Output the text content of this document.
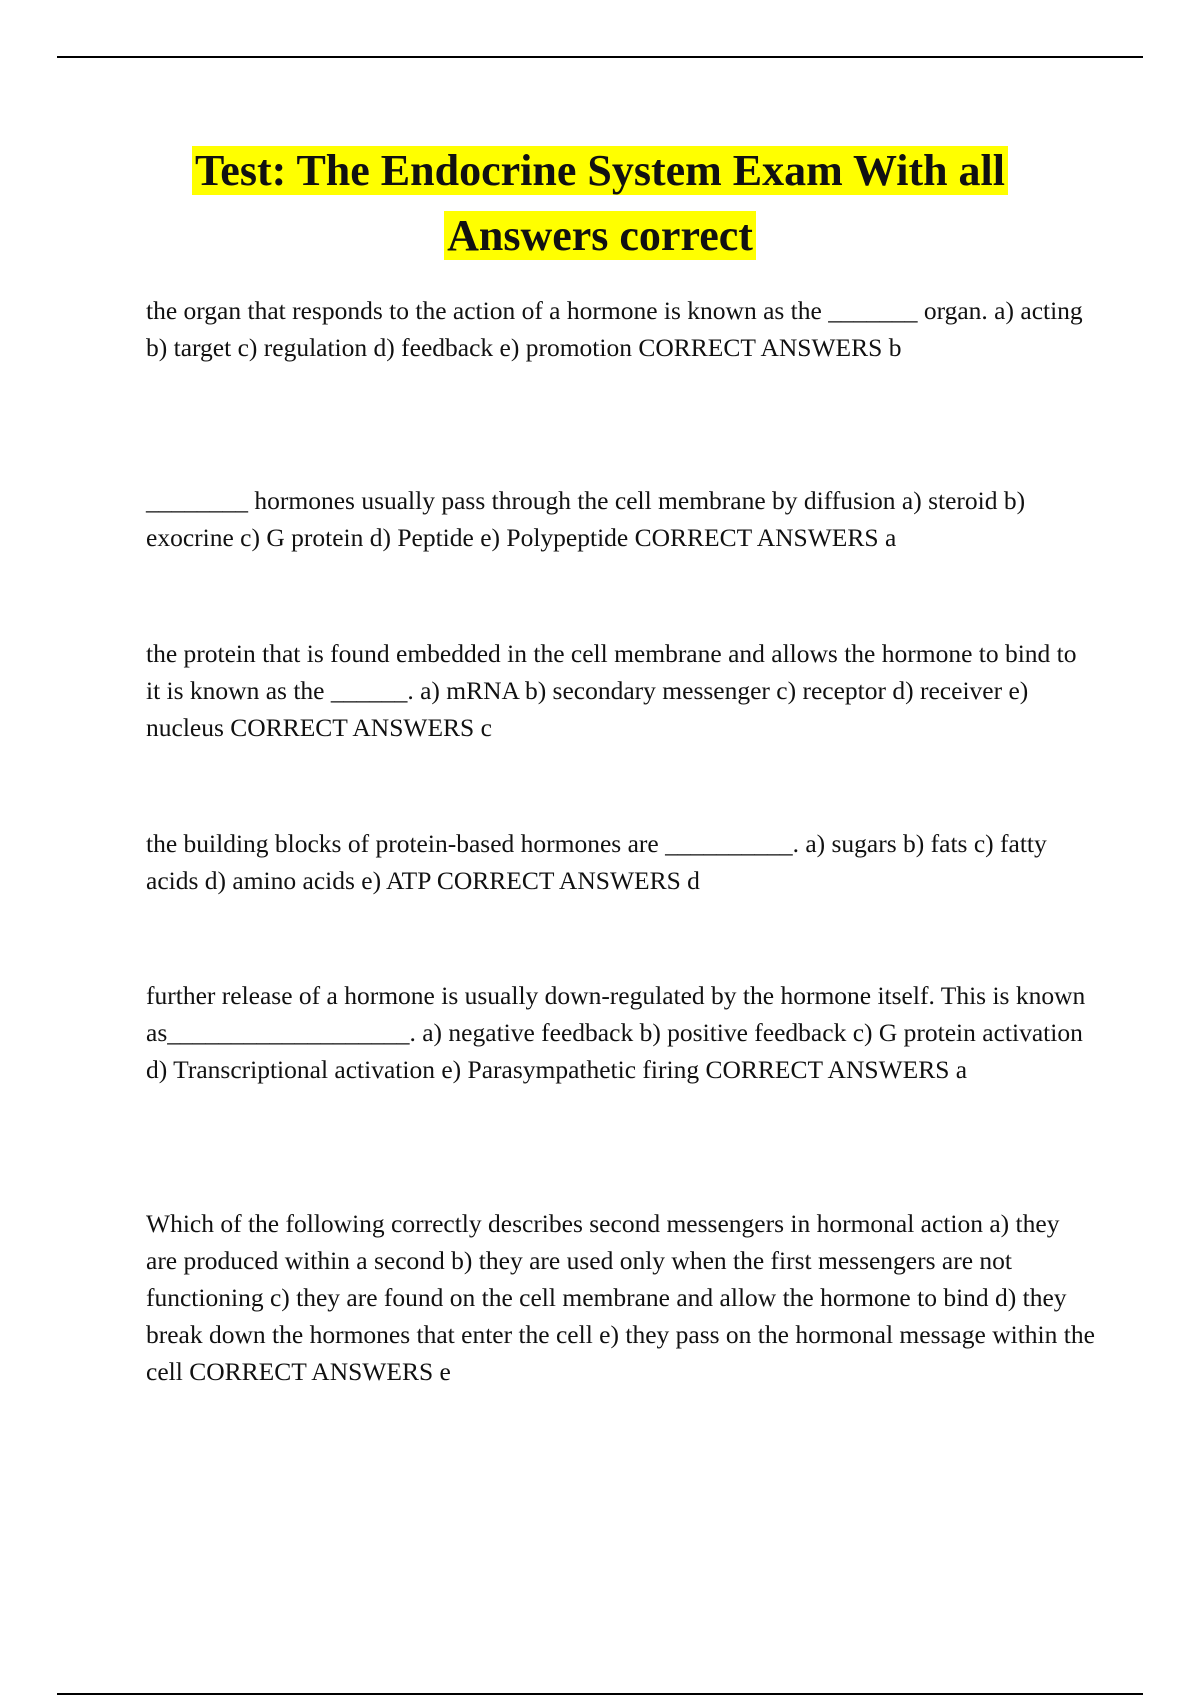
Test: The Endocrine System Exam With all
Answers correct

the organ that responds to the action of a hormone is known as the _______ organ. a) acting b) target c) regulation d) feedback e) promotion CORRECT ANSWERS b

________ hormones usually pass through the cell membrane by diffusion a) steroid b) exocrine c) G protein d) Peptide e) Polypeptide CORRECT ANSWERS a

the protein that is found embedded in the cell membrane and allows the hormone to bind to it is known as the ______. a) mRNA b) secondary messenger c) receptor d) receiver e) nucleus CORRECT ANSWERS c

the building blocks of protein-based hormones are __________. a) sugars b) fats c) fatty acids d) amino acids e) ATP CORRECT ANSWERS d

further release of a hormone is usually down-regulated by the hormone itself. This is known as___________________. a) negative feedback b) positive feedback c) G protein activation d) Transcriptional activation e) Parasympathetic firing CORRECT ANSWERS a

Which of the following correctly describes second messengers in hormonal action a) they are produced within a second b) they are used only when the first messengers are not functioning c) they are found on the cell membrane and allow the hormone to bind d) they break down the hormones that enter the cell e) they pass on the hormonal message within the cell CORRECT ANSWERS e
